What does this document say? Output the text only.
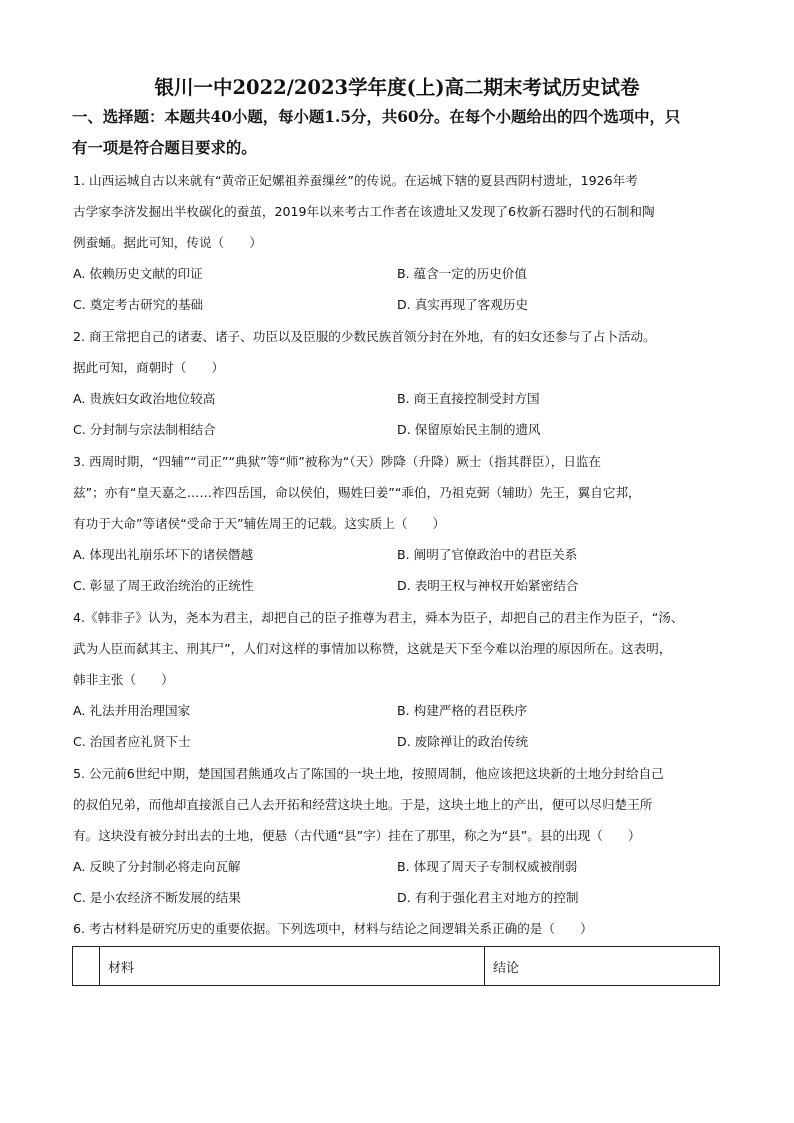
银川一中2022/2023学年度(上)高二期末考试历史试卷
一、选择题：本题共40小题，每小题1.5分，共60分。在每个小题给出的四个选项中，只
有一项是符合题目要求的。
1. 山西运城自古以来就有“黄帝正妃嫘祖养蚕缫丝”的传说。在运城下辖的夏县西阴村遗址，1926年考
古学家李济发掘出半枚碳化的蚕茧，2019年以来考古工作者在该遗址又发现了6枚新石器时代的石制和陶
例蚕蛹。据此可知，传说（　　）
A. 依赖历史文献的印证	B. 蕴含一定的历史价值
C. 奠定考古研究的基础	D. 真实再现了客观历史
2. 商王常把自己的诸妻、诸子、功臣以及臣服的少数民族首领分封在外地，有的妇女还参与了占卜活动。
据此可知，商朝时（　　）
A. 贵族妇女政治地位较高	B. 商王直接控制受封方国
C. 分封制与宗法制相结合	D. 保留原始民主制的遗风
3. 西周时期，“四辅”“司正”“典狱”等“师”被称为“（天）陟降（升降）厥士（指其群臣），日监在
兹”；亦有“皇天嘉之……祚四岳国，命以侯伯，赐姓曰姜”“乖伯，乃祖克弼（辅助）先王，翼自它邦，
有功于大命”等诸侯“受命于天”辅佐周王的记载。这实质上（　　）
A. 体现出礼崩乐坏下的诸侯僭越	B. 阐明了官僚政治中的君臣关系
C. 彰显了周王政治统治的正统性	D. 表明王权与神权开始紧密结合
4.《韩非子》认为，尧本为君主，却把自己的臣子推尊为君主，舜本为臣子，却把自己的君主作为臣子，“汤、
武为人臣而弑其主、刑其尸”，人们对这样的事情加以称赞，这就是天下至今难以治理的原因所在。这表明，
韩非主张（　　）
A. 礼法并用治理国家	B. 构建严格的君臣秩序
C. 治国者应礼贤下士	D. 废除禅让的政治传统
5. 公元前6世纪中期，楚国国君熊通攻占了陈国的一块土地，按照周制，他应该把这块新的土地分封给自己
的叔伯兄弟，而他却直接派自己人去开拓和经营这块土地。于是，这块土地上的产出，便可以尽归楚王所
有。这块没有被分封出去的土地，便悬（古代通“县”字）挂在了那里，称之为“县”。县的出现（　　）
A. 反映了分封制必将走向瓦解	B. 体现了周天子专制权威被削弱
C. 是小农经济不断发展的结果	D. 有利于强化君主对地方的控制
6. 考古材料是研究历史的重要依据。下列选项中，材料与结论之间逻辑关系正确的是（　　）
	材料	结论
